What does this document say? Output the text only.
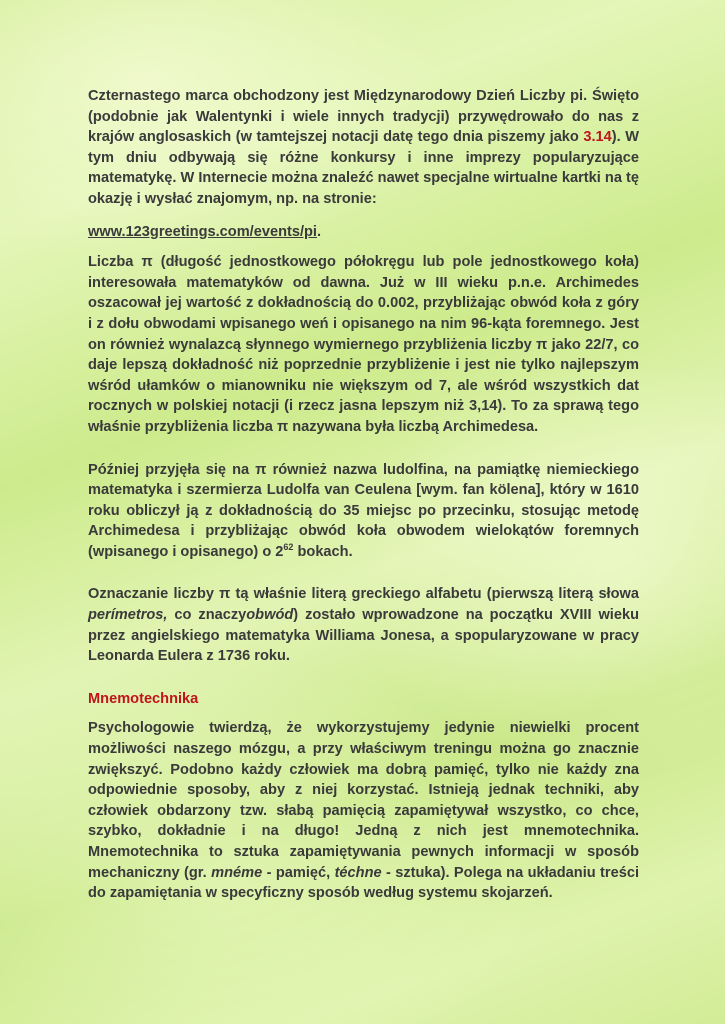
Czternastego marca obchodzony jest Międzynarodowy Dzień Liczby pi. Święto (podobnie jak Walentynki i wiele innych tradycji) przywędrowało do nas z krajów anglosaskich (w tamtejszej notacji datę tego dnia piszemy jako 3.14). W tym dniu odbywają się różne konkursy i inne imprezy popularyzujące matematykę. W Internecie można znaleźć nawet specjalne wirtualne kartki na tę okazję i wysłać znajomym, np. na stronie:

www.123greetings.com/events/pi.

Liczba π (długość jednostkowego półokręgu lub pole jednostkowego koła) interesowała matematyków od dawna. Już w III wieku p.n.e. Archimedes oszacował jej wartość z dokładnością do 0.002, przybliżając obwód koła z góry i z dołu obwodami wpisanego weń i opisanego na nim 96-kąta foremnego. Jest on również wynalazcą słynnego wymiernego przybliżenia liczby π jako 22/7, co daje lepszą dokładność niż poprzednie przybliżenie i jest nie tylko najlepszym wśród ułamków o mianowniku nie większym od 7, ale wśród wszystkich dat rocznych w polskiej notacji (i rzecz jasna lepszym niż 3,14). To za sprawą tego właśnie przybliżenia liczba π nazywana była liczbą Archimedesa.

Później przyjęła się na π również nazwa ludolfina, na pamiątkę niemieckiego matematyka i szermierza Ludolfa van Ceulena [wym. fan kölena], który w 1610 roku obliczył ją z dokładnością do 35 miejsc po przecinku, stosując metodę Archimedesa i przybliżając obwód koła obwodem wielokątów foremnych (wpisanego i opisanego) o $2^{62}$ bokach.

Oznaczanie liczby π tą właśnie literą greckiego alfabetu (pierwszą literą słowa perímetros, co znaczyobwód) zostało wprowadzone na początku XVIII wieku przez angielskiego matematyka Williama Jonesa, a spopularyzowane w pracy Leonarda Eulera z 1736 roku.

Mnemotechnika

Psychologowie twierdzą, że wykorzystujemy jedynie niewielki procent możliwości naszego mózgu, a przy właściwym treningu można go znacznie zwiększyć. Podobno każdy człowiek ma dobrą pamięć, tylko nie każdy zna odpowiednie sposoby, aby z niej korzystać. Istnieją jednak techniki, aby człowiek obdarzony tzw. słabą pamięcią zapamiętywał wszystko, co chce, szybko, dokładnie i na długo! Jedną z nich jest mnemotechnika. Mnemotechnika to sztuka zapamiętywania pewnych informacji w sposób mechaniczny (gr. mnéme - pamięć, téchne - sztuka). Polega na układaniu treści do zapamiętania w specyficzny sposób według systemu skojarzeń.
